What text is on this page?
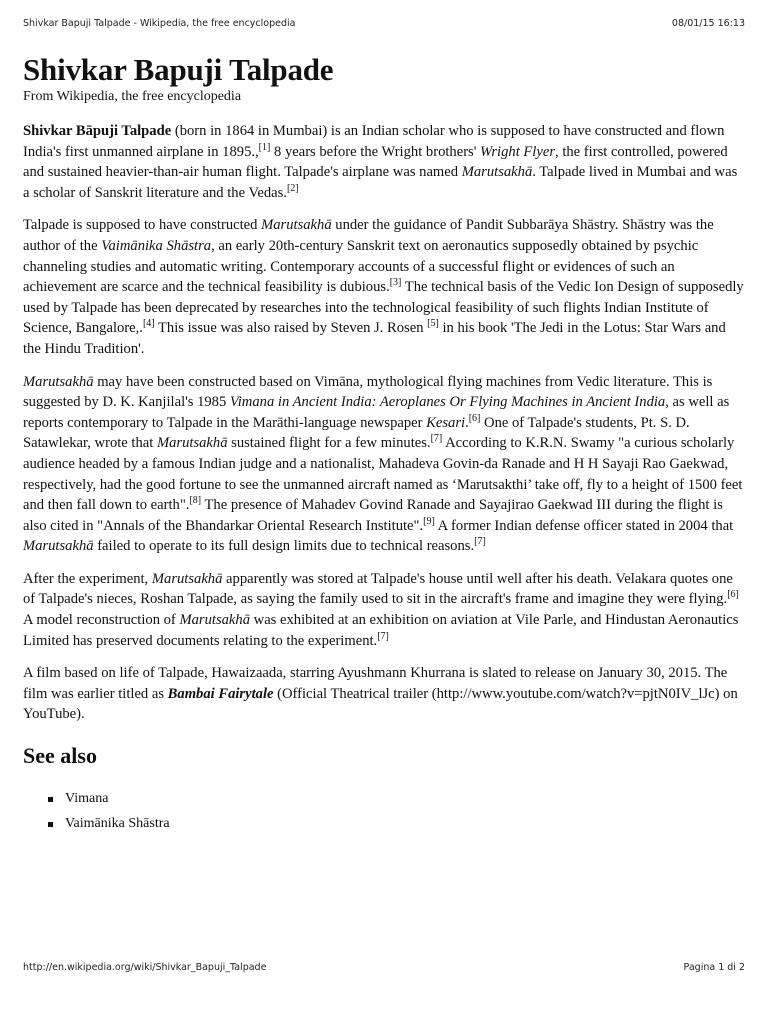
Shivkar Bapuji Talpade - Wikipedia, the free encyclopedia	08/01/15 16:13
Shivkar Bapuji Talpade
From Wikipedia, the free encyclopedia

Shivkar Bāpuji Talpade (born in 1864 in Mumbai) is an Indian scholar who is supposed to have constructed and flown India's first unmanned airplane in 1895.,[1] 8 years before the Wright brothers' Wright Flyer, the first controlled, powered and sustained heavier-than-air human flight. Talpade's airplane was named Marutsakhā. Talpade lived in Mumbai and was a scholar of Sanskrit literature and the Vedas.[2]

Talpade is supposed to have constructed Marutsakhā under the guidance of Pandit Subbarāya Shāstry. Shāstry was the author of the Vaimānika Shāstra, an early 20th-century Sanskrit text on aeronautics supposedly obtained by psychic channeling studies and automatic writing. Contemporary accounts of a successful flight or evidences of such an achievement are scarce and the technical feasibility is dubious.[3] The technical basis of the Vedic Ion Design of supposedly used by Talpade has been deprecated by researches into the technological feasibility of such flights Indian Institute of Science, Bangalore,.[4] This issue was also raised by Steven J. Rosen [5] in his book 'The Jedi in the Lotus: Star Wars and the Hindu Tradition'.

Marutsakhā may have been constructed based on Vimāna, mythological flying machines from Vedic literature. This is suggested by D. K. Kanjilal's 1985 Vimana in Ancient India: Aeroplanes Or Flying Machines in Ancient India, as well as reports contemporary to Talpade in the Marāthi-language newspaper Kesari.[6] One of Talpade's students, Pt. S. D. Satawlekar, wrote that Marutsakhā sustained flight for a few minutes.[7] According to K.R.N. Swamy "a curious scholarly audience headed by a famous Indian judge and a nationalist, Mahadeva Govin-da Ranade and H H Sayaji Rao Gaekwad, respectively, had the good fortune to see the unmanned aircraft named as ‘Marutsakthi’ take off, fly to a height of 1500 feet and then fall down to earth".[8] The presence of Mahadev Govind Ranade and Sayajirao Gaekwad III during the flight is also cited in "Annals of the Bhandarkar Oriental Research Institute".[9] A former Indian defense officer stated in 2004 that Marutsakhā failed to operate to its full design limits due to technical reasons.[7]

After the experiment, Marutsakhā apparently was stored at Talpade's house until well after his death. Velakara quotes one of Talpade's nieces, Roshan Talpade, as saying the family used to sit in the aircraft's frame and imagine they were flying.[6] A model reconstruction of Marutsakhā was exhibited at an exhibition on aviation at Vile Parle, and Hindustan Aeronautics Limited has preserved documents relating to the experiment.[7]

A film based on life of Talpade, Hawaizaada, starring Ayushmann Khurrana is slated to release on January 30, 2015. The film was earlier titled as Bambai Fairytale (Official Theatrical trailer (http://www.youtube.com/watch?v=pjtN0IV_lJc) on YouTube).

See also
Vimana
Vaimānika Shāstra
http://en.wikipedia.org/wiki/Shivkar_Bapuji_Talpade	Pagina 1 di 2
